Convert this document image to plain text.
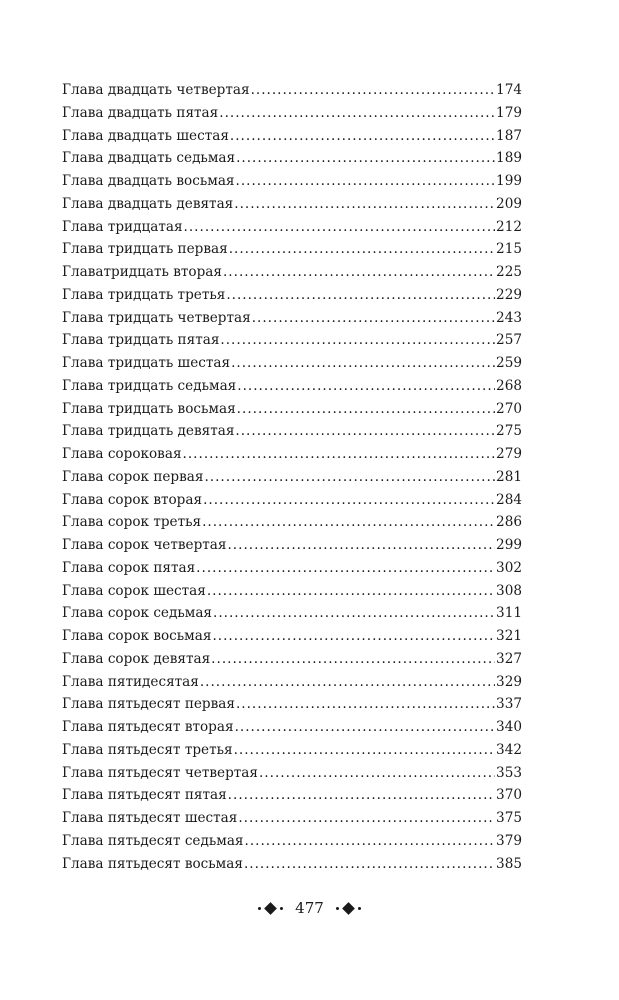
Глава двадцать четвертая .....	174
Глава двадцать пятая .....	179
Глава двадцать шестая .....	187
Глава двадцать седьмая .....	189
Глава двадцать восьмая .....	199
Глава двадцать девятая .....	209
Глава тридцатая .....	212
Глава тридцать первая .....	215
Главатридцать вторая .....	225
Глава тридцать третья .....	229
Глава тридцать четвертая .....	243
Глава тридцать пятая .....	257
Глава тридцать шестая .....	259
Глава тридцать седьмая .....	268
Глава тридцать восьмая .....	270
Глава тридцать девятая .....	275
Глава сороковая .....	279
Глава сорок первая .....	281
Глава сорок вторая .....	284
Глава сорок третья .....	286
Глава сорок четвертая .....	299
Глава сорок пятая .....	302
Глава сорок шестая .....	308
Глава сорок седьмая .....	311
Глава сорок восьмая .....	321
Глава сорок девятая .....	327
Глава пятидесятая .....	329
Глава пятьдесят первая .....	337
Глава пятьдесят вторая .....	340
Глава пятьдесят третья .....	342
Глава пятьдесят четвертая .....	353
Глава пятьдесят пятая .....	370
Глава пятьдесят шестая .....	375
Глава пятьдесят седьмая .....	379
Глава пятьдесят восьмая .....	385
477
